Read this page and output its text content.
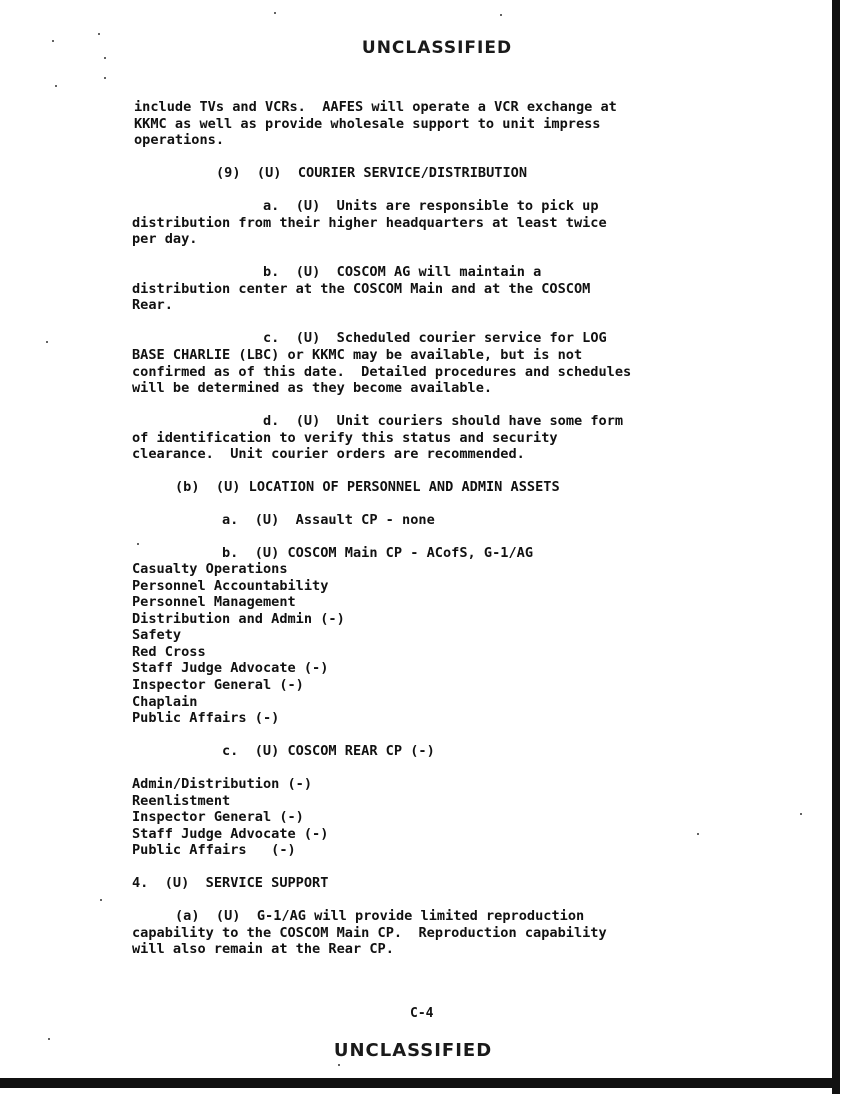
UNCLASSIFIED
include TVs and VCRs.  AAFES will operate a VCR exchange at
KKMC as well as provide wholesale support to unit impress
operations.
(9)  (U)  COURIER SERVICE/DISTRIBUTION
a.  (U)  Units are responsible to pick up
distribution from their higher headquarters at least twice
per day.
b.  (U)  COSCOM AG will maintain a
distribution center at the COSCOM Main and at the COSCOM
Rear.
c.  (U)  Scheduled courier service for LOG
BASE CHARLIE (LBC) or KKMC may be available, but is not
confirmed as of this date.  Detailed procedures and schedules
will be determined as they become available.
d.  (U)  Unit couriers should have some form
of identification to verify this status and security
clearance.  Unit courier orders are recommended.
(b)  (U) LOCATION OF PERSONNEL AND ADMIN ASSETS
a.  (U)  Assault CP - none
b.  (U) COSCOM Main CP - ACofS, G-1/AG
Casualty Operations
Personnel Accountability
Personnel Management
Distribution and Admin (-)
Safety
Red Cross
Staff Judge Advocate (-)
Inspector General (-)
Chaplain
Public Affairs (-)
c.  (U) COSCOM REAR CP (-)
Admin/Distribution (-)
Reenlistment
Inspector General (-)
Staff Judge Advocate (-)
Public Affairs   (-)
4.  (U)  SERVICE SUPPORT
(a)  (U)  G-1/AG will provide limited reproduction
capability to the COSCOM Main CP.  Reproduction capability
will also remain at the Rear CP.
C-4
UNCLASSIFIED
